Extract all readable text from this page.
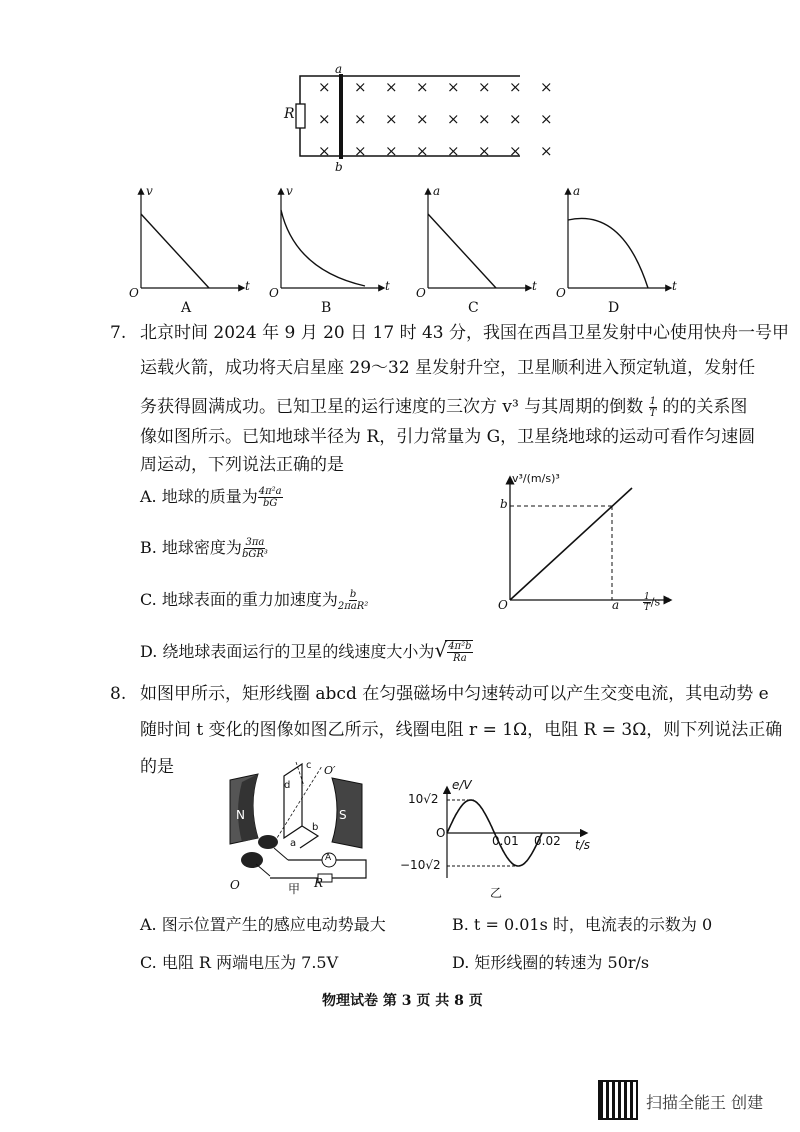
× × × × × × × ×
× × × × × × × ×
× × × × × × × ×
R
a
b
v
t
O
A
v
t
O
B
a
t
O
C
a
t
O
D
7. 北京时间 2024 年 9 月 20 日 17 时 43 分，我国在西昌卫星发射中心使用快舟一号甲
运载火箭，成功将天启星座 29～32 星发射升空，卫星顺利进入预定轨道，发射任
务获得圆满成功。已知卫星的运行速度的三次方 v³ 与其周期的倒数 $\frac{1}{T}$ 的的关系图
像如图所示。已知地球半径为 R，引力常量为 G，卫星绕地球的运动可看作匀速圆
周运动，下列说法正确的是
A. 地球的质量为 $\frac{\text{4π²a}}{bG}$
B. 地球密度为 $\frac{3\pi a}{\text{bGR³}}$
C. 地球表面的重力加速度为 $\frac{b}{\text{2πaR²}}$
D. 绕地球表面运行的卫星的线速度大小为√ $\frac{\text{4π²b}}{Ra}$
v³/(m/s)³
b
O	a	$\frac{1}{T} /s^{-1}$
8. 如图甲所示，矩形线圈 abcd 在匀强磁场中匀速转动可以产生交变电流，其电动势 e
随时间 t 变化的图像如图乙所示，线圈电阻 r = 1Ω，电阻 R = 3Ω，则下列说法正确
的是
N	S
A
R
a
b
c
d
O
O′
甲
e/V
10√2
O
0.01 0.02 t/s
−10√2
乙
A. 图示位置产生的感应电动势最大	B. t = 0.01s 时，电流表的示数为 0
C. 电阻 R 两端电压为 7.5V	D. 矩形线圈的转速为 50r/s
物理试卷 第 3 页 共 8 页
扫描全能王 创建
